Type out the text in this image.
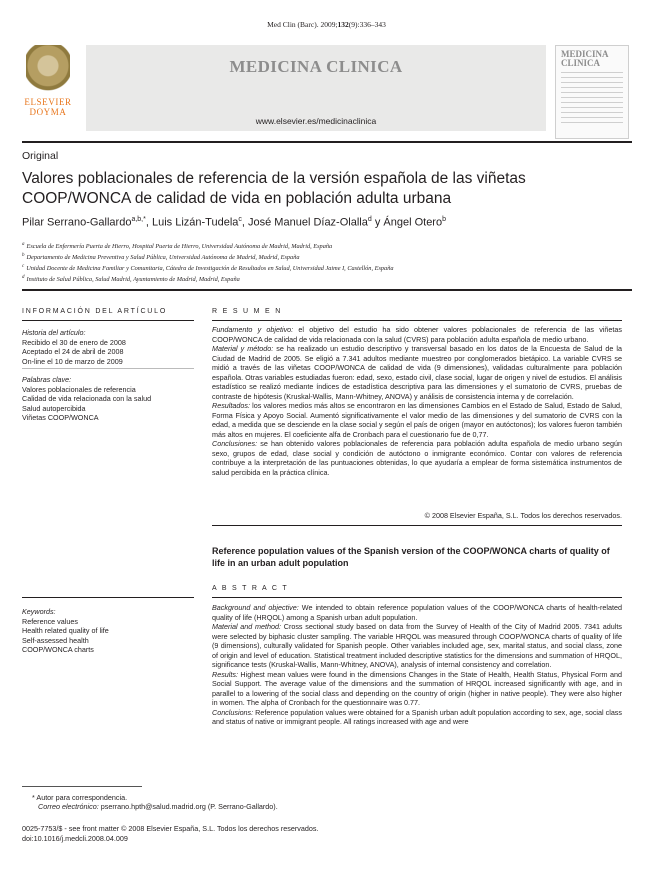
Med Clin (Barc). 2009;132(9):336–343
ELSEVIER
DOYMA
MEDICINA CLINICA
www.elsevier.es/medicinaclinica
MEDICINA
CLINICA
Original
Valores poblacionales de referencia de la versión española de las viñetas
COOP/WONCA de calidad de vida en población adulta urbana
Pilar Serrano-Gallardo$^{a,b,*}$, Luis Lizán-Tudela$^c$, José Manuel Díaz-Olalla$^d$ y Ángel Otero$^b$
$^a$ Escuela de Enfermería Puerta de Hierro, Hospital Puerta de Hierro, Universidad Autónoma de Madrid, Madrid, España
$^b$ Departamento de Medicina Preventiva y Salud Pública, Universidad Autónoma de Madrid, Madrid, España
$^c$ Unidad Docente de Medicina Familiar y Comunitaria, Cátedra de Investigación de Resultados en Salud, Universidad Jaime I, Castellón, España
$^d$ Instituto de Salud Pública, Salud Madrid, Ayuntamiento de Madrid, Madrid, España
INFORMACIÓN DEL ARTÍCULO
Historia del artículo:
Recibido el 30 de enero de 2008
Aceptado el 24 de abril de 2008
On-line el 10 de marzo de 2009
Palabras clave:
Valores poblacionales de referencia
Calidad de vida relacionada con la salud
Salud autopercibida
Viñetas COOP/WONCA
R E S U M E N

Fundamento y objetivo: el objetivo del estudio ha sido obtener valores poblacionales de referencia de las viñetas COOP/WONCA de calidad de vida relacionada con la salud (CVRS) para población adulta española de medio urbano.

Material y método: se ha realizado un estudio descriptivo y transversal basado en los datos de la Encuesta de Salud de la Ciudad de Madrid de 2005. Se eligió a 7.341 adultos mediante muestreo por conglomerados bietápico. La variable CVRS se midió a través de las viñetas COOP/WONCA de calidad de vida (9 dimensiones), validadas culturalmente para población española. Otras variables estudiadas fueron: edad, sexo, estado civil, clase social, lugar de origen y nivel de estudios. El análisis estadístico se realizó mediante índices de estadística descriptiva para las dimensiones y el sumatorio de CVRS, pruebas de contraste de hipótesis (Kruskal-Wallis, Mann-Whitney, ANOVA) y análisis de consistencia interna y de correlación.

Resultados: los valores medios más altos se encontraron en las dimensiones Cambios en el Estado de Salud, Estado de Salud, Forma Física y Apoyo Social. Aumentó significativamente el valor medio de las dimensiones y del sumatorio de CVRS con la edad, a medida que se desciende en la clase social y según el país de origen (mayor en autóctonos); los valores fueron también más altos en mujeres. El coeficiente alfa de Cronbach para el cuestionario fue de 0,77.

Conclusiones: se han obtenido valores poblacionales de referencia para población adulta española de medio urbano según sexo, grupos de edad, clase social y condición de autóctono o inmigrante económico. Contar con valores de referencia contribuye a la interpretación de las puntuaciones obtenidas, lo que ayudaría a emplear de forma sistemática instrumentos de salud percibida en la práctica clínica.

© 2008 Elsevier España, S.L. Todos los derechos reservados.
Reference population values of the Spanish version of the COOP/WONCA charts of quality of life in an urban adult population
A B S T R A C T
Keywords:
Reference values
Health related quality of life
Self-assessed health
COOP/WONCA charts

Background and objective: We intended to obtain reference population values of the COOP/WONCA charts of health-related quality of life (HRQOL) among a Spanish urban adult population.

Material and method: Cross sectional study based on data from the Survey of Health of the City of Madrid 2005. 7341 adults were selected by biphasic cluster sampling. The variable HRQOL was measured through COOP/WONCA charts of quality of life (9 dimensions), culturally validated for Spanish people. Other variables included age, sex, marital status, and social class, zone of origin and level of education. Statistical treatment included descriptive statistics for the dimensions and summation of HRQOL, significance tests (Kruskal-Wallis, Mann-Whitney, ANOVA), analysis of internal consistency and correlation.

Results: Highest mean values were found in the dimensions Changes in the State of Health, Health Status, Physical Form and Social Support. The average value of the dimensions and the summation of HRQOL increased significantly with age, and in parallel to a lowering of the social class and depending on the country of origin (higher in native people). They were also higher in women. The alpha of Cronbach for the questionnaire was 0.77.

Conclusions: Reference population values were obtained for a Spanish urban adult population according to sex, age, social class and status of native or immigrant people. All ratings increased with age and were

* Autor para correspondencia.
Correo electrónico: pserrano.hpth@salud.madrid.org (P. Serrano-Gallardo).
0025-7753/$ - see front matter © 2008 Elsevier España, S.L. Todos los derechos reservados.
doi:10.1016/j.medcli.2008.04.009
